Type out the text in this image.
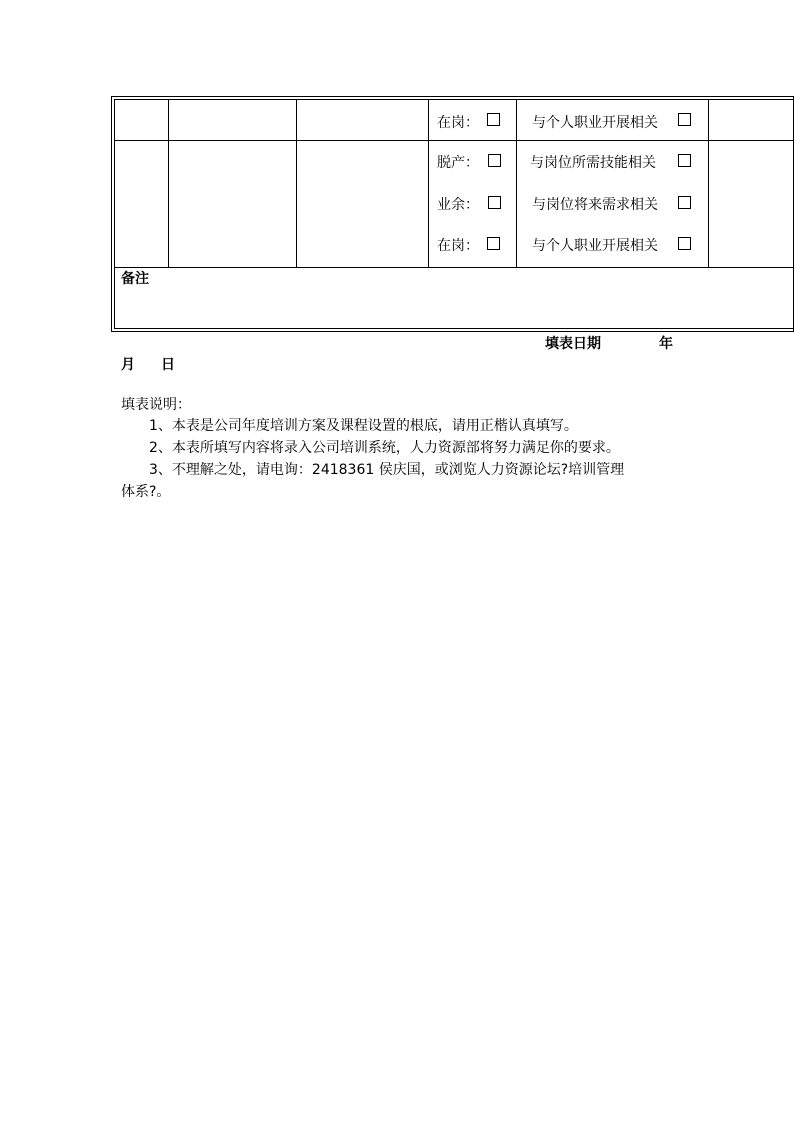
在岗：	与个人职业开展相关
脱产：	与岗位所需技能相关
业余：	与岗位将来需求相关
在岗：	与个人职业开展相关
备注
填表日期	年
月 日
填表说明：
1、本表是公司年度培训方案及课程设置的根底，请用正楷认真填写。
2、本表所填写内容将录入公司培训系统，人力资源部将努力满足你的要求。
3、不理解之处，请电询：2418361 侯庆国，或浏览人力资源论坛?培训管理
体系?。
